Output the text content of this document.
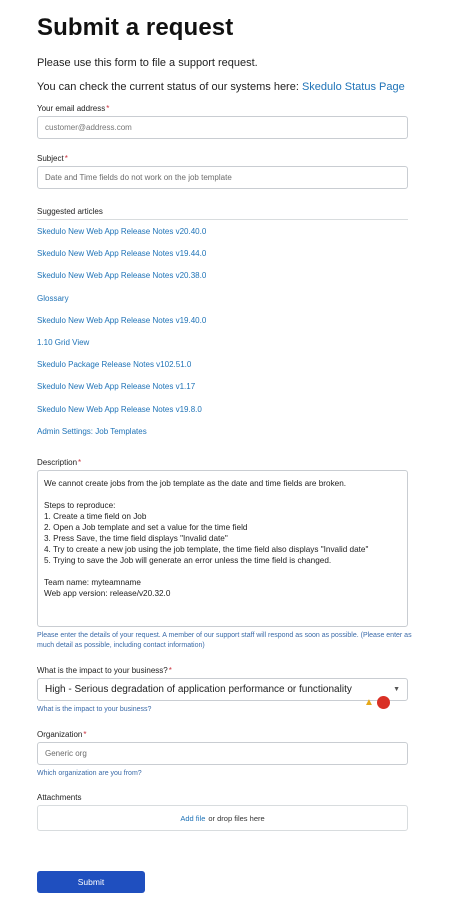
Submit a request
Please use this form to file a support request.
You can check the current status of our systems here: Skedulo Status Page
Your email address*
customer@address.com
Subject*
Date and Time fields do not work on the job template
Suggested articles
Skedulo New Web App Release Notes v20.40.0
Skedulo New Web App Release Notes v19.44.0
Skedulo New Web App Release Notes v20.38.0
Glossary
Skedulo New Web App Release Notes v19.40.0
1.10 Grid View
Skedulo Package Release Notes v102.51.0
Skedulo New Web App Release Notes v1.17
Skedulo New Web App Release Notes v19.8.0
Admin Settings: Job Templates
Description*
We cannot create jobs from the job template as the date and time fields are broken.
Steps to reproduce:
1. Create a time field on Job
2. Open a Job template and set a value for the time field
3. Press Save, the time field displays "Invalid date"
4. Try to create a new job using the job template, the time field also displays "Invalid date"
5. Trying to save the Job will generate an error unless the time field is changed.
Team name: myteamname
Web app version: release/v20.32.0
Please enter the details of your request. A member of our support staff will respond as soon as possible. (Please enter as
much detail as possible, including contact information)
What is the impact to your business?*
High - Serious degradation of application performance or functionality	▼
What is the impact to your business?
▲
Organization*
Generic org
Which organization are you from?
Attachments
Add file or drop files here
Submit
